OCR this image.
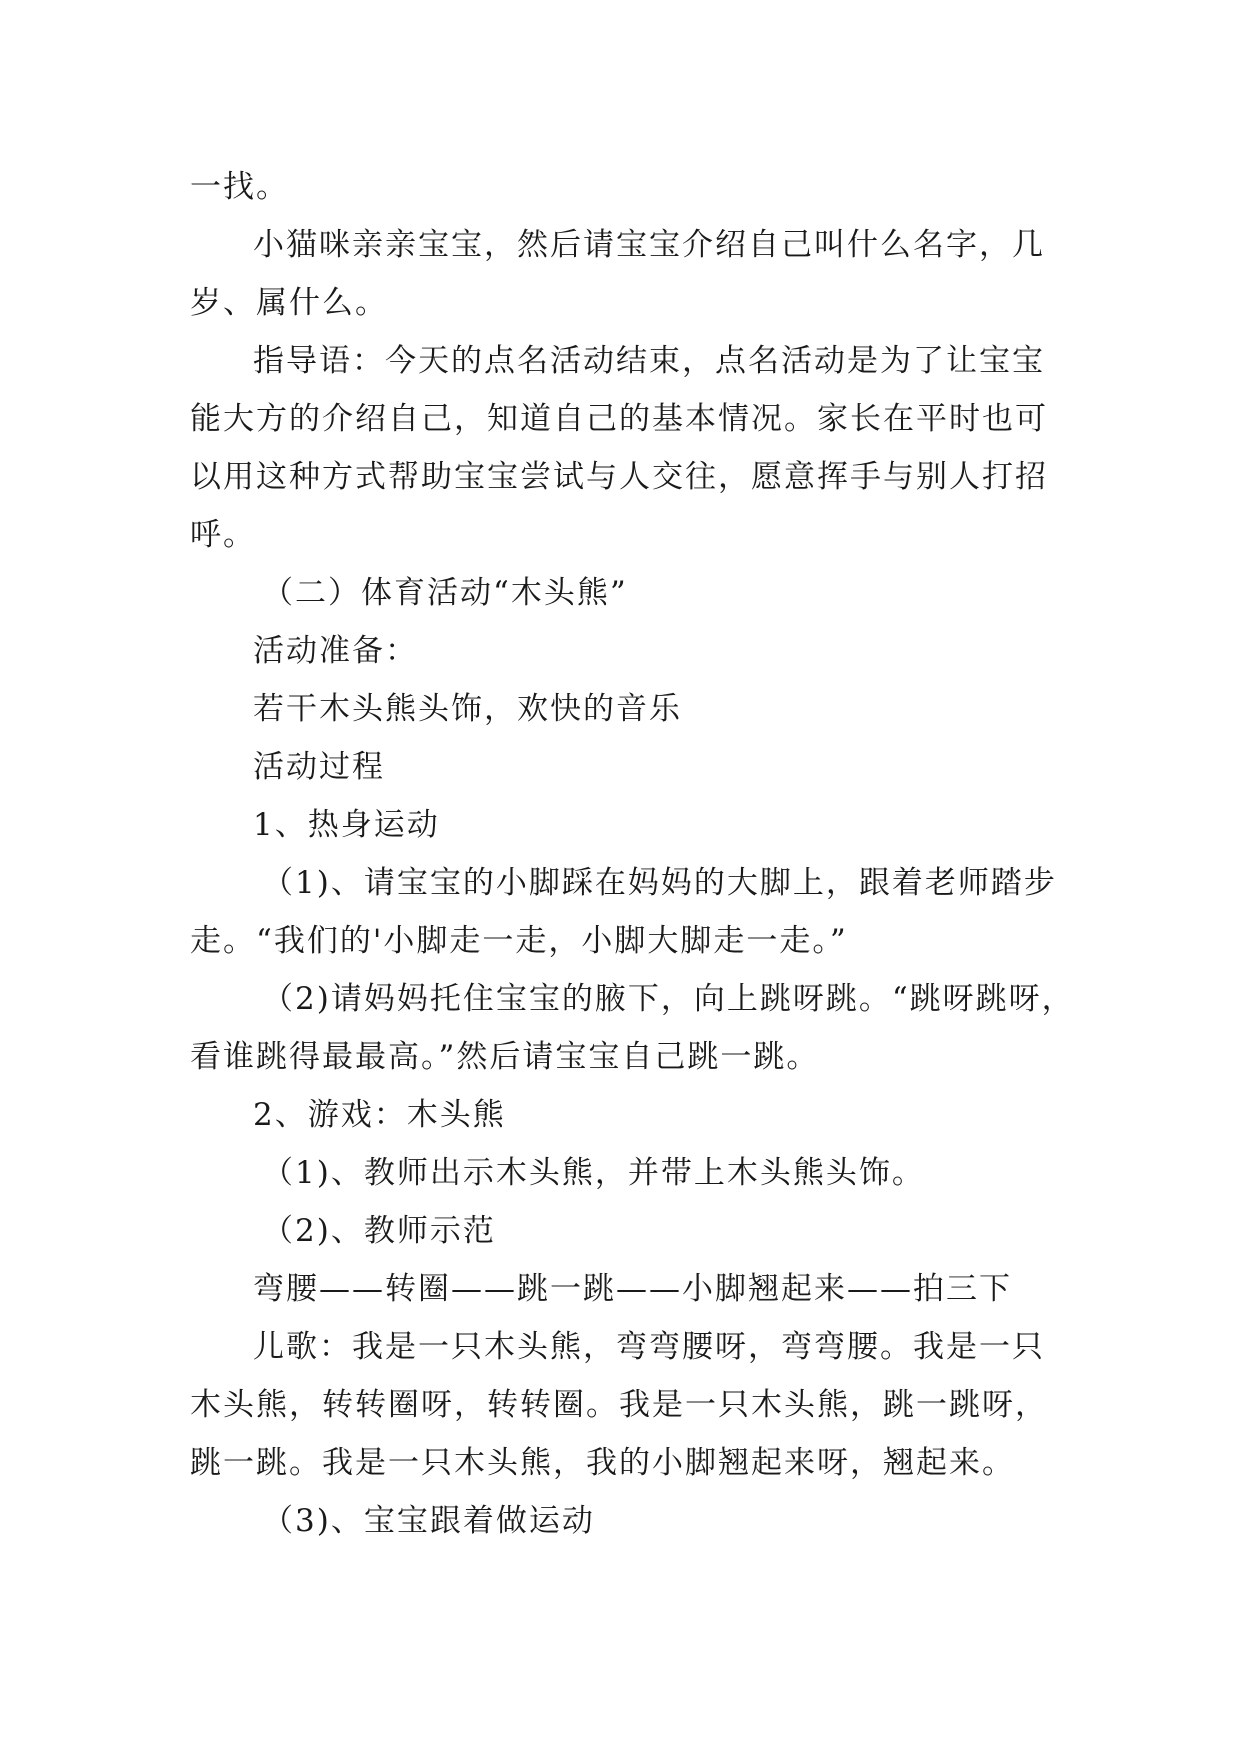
一找。
小猫咪亲亲宝宝，然后请宝宝介绍自己叫什么名字，几
岁、属什么。
指导语：今天的点名活动结束，点名活动是为了让宝宝
能大方的介绍自己，知道自己的基本情况。家长在平时也可
以用这种方式帮助宝宝尝试与人交往，愿意挥手与别人打招
呼。
（二）体育活动“木头熊”
活动准备：
若干木头熊头饰，欢快的音乐
活动过程
1、热身运动
（1)、请宝宝的小脚踩在妈妈的大脚上，跟着老师踏步
走。“我们的'小脚走一走，小脚大脚走一走。”
（2)请妈妈托住宝宝的腋下，向上跳呀跳。“跳呀跳呀，
看谁跳得最最高。”然后请宝宝自己跳一跳。
2、游戏：木头熊
（1)、教师出示木头熊，并带上木头熊头饰。
（2)、教师示范
弯腰——转圈——跳一跳——小脚翘起来——拍三下
儿歌：我是一只木头熊，弯弯腰呀，弯弯腰。我是一只
木头熊，转转圈呀，转转圈。我是一只木头熊，跳一跳呀，
跳一跳。我是一只木头熊，我的小脚翘起来呀，翘起来。
（3)、宝宝跟着做运动
